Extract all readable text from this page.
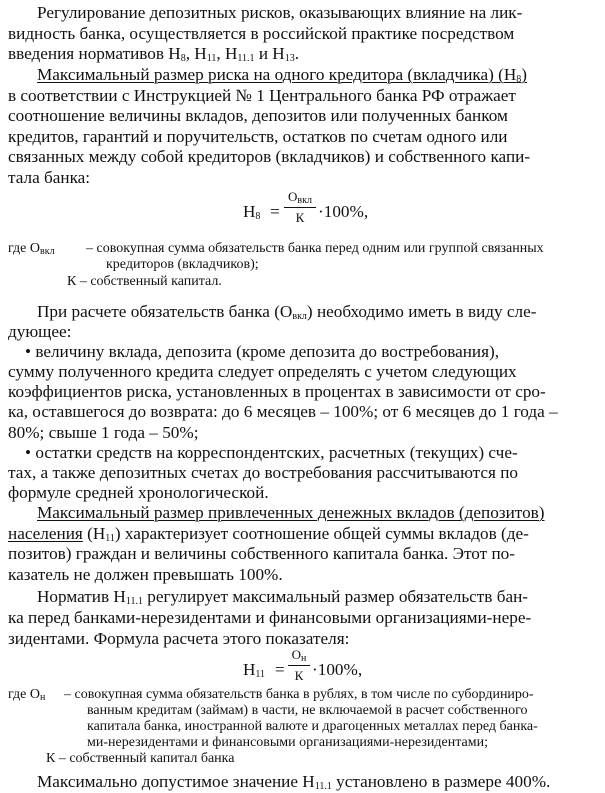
Регулирование депозитных рисков, оказывающих влияние на лик-
видность банка, осуществляется в российской практике посредством
введения нормативов $Н_8$, $Н_{11}$, $Н_{11.1}$ и $Н_{13}$.
Максимальный размер риска на одного кредитора (вкладчика) $(Н_8)$
в соответствии с Инструкцией № 1 Центрального банка РФ отражает
соотношение величины вкладов, депозитов или полученных банком
кредитов, гарантий и поручительств, остатков по счетам одного или
связанных между собой кредиторов (вкладчиков) и собственного капи-
тала банка:
$Н_8$ =
$О_{вкл}$
К ·100%,
где $О_{вкл}$ – совокупная сумма обязательств банка перед одним или группой связанных
кредиторов (вкладчиков);
К – собственный капитал.
При расчете обязательств банка $(О_{вкл})$ необходимо иметь в виду сле-
дующее:
• величину вклада, депозита (кроме депозита до востребования),
сумму полученного кредита следует определять с учетом следующих
коэффициентов риска, установленных в процентах в зависимости от сро-
ка, оставшегося до возврата: до 6 месяцев – 100%; от 6 месяцев до 1 года –
80%; свыше 1 года – 50%;
• остатки средств на корреспондентских, расчетных (текущих) сче-
тах, а также депозитных счетах до востребования рассчитываются по
формуле средней хронологической.
Максимальный размер привлеченных денежных вкладов (депозитов)
населения $(Н_{11})$ характеризует соотношение общей суммы вкладов (де-
позитов) граждан и величины собственного капитала банка. Этот по-
казатель не должен превышать 100%.
Норматив $Н_{11.1}$ регулирует максимальный размер обязательств бан-
ка перед банками-нерезидентами и финансовыми организациями-нере-
зидентами. Формула расчета этого показателя:
$Н_{11}$ =
$О_н$
К ·100%,
где $О_н$ – совокупная сумма обязательств банка в рублях, в том числе по субординиро-
ванным кредитам (займам) в части, не включаемой в расчет собственного
капитала банка, иностранной валюте и драгоценных металлах перед банка-
ми-нерезидентами и финансовыми организациями-нерезидентами;
К – собственный капитал банка
Максимально допустимое значение $Н_{11.1}$ установлено в размере 400%.
